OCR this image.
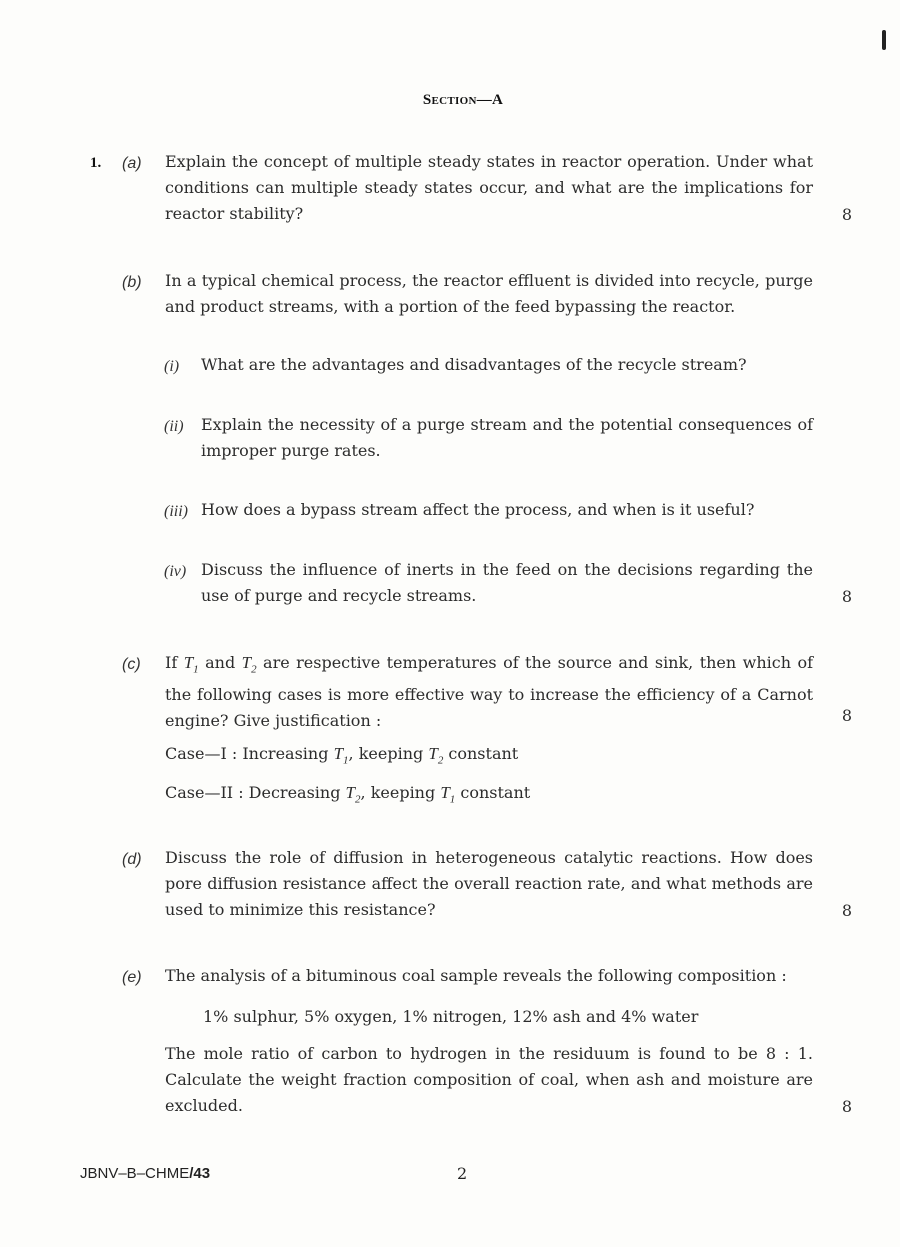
Section—A
1. (a) Explain the concept of multiple steady states in reactor operation. Under what conditions can multiple steady states occur, and what are the implications for reactor stability?	8
(b) In a typical chemical process, the reactor effluent is divided into recycle, purge and product streams, with a portion of the feed bypassing the reactor.
(i) What are the advantages and disadvantages of the recycle stream?
(ii) Explain the necessity of a purge stream and the potential consequences of improper purge rates.
(iii) How does a bypass stream affect the process, and when is it useful?
(iv) Discuss the influence of inerts in the feed on the decisions regarding the use of purge and recycle streams.	8
(c) If $T_1$ and $T_2$ are respective temperatures of the source and sink, then which of the following cases is more effective way to increase the efficiency of a Carnot engine? Give justification :	8
Case—I : Increasing $T_1$, keeping $T_2$ constant
Case—II : Decreasing $T_2$, keeping $T_1$ constant
(d) Discuss the role of diffusion in heterogeneous catalytic reactions. How does pore diffusion resistance affect the overall reaction rate, and what methods are used to minimize this resistance?	8
(e) The analysis of a bituminous coal sample reveals the following composition :
1% sulphur, 5% oxygen, 1% nitrogen, 12% ash and 4% water
The mole ratio of carbon to hydrogen in the residuum is found to be 8 : 1. Calculate the weight fraction composition of coal, when ash and moisture are excluded.	8
JBNV–B–CHME/43	2
